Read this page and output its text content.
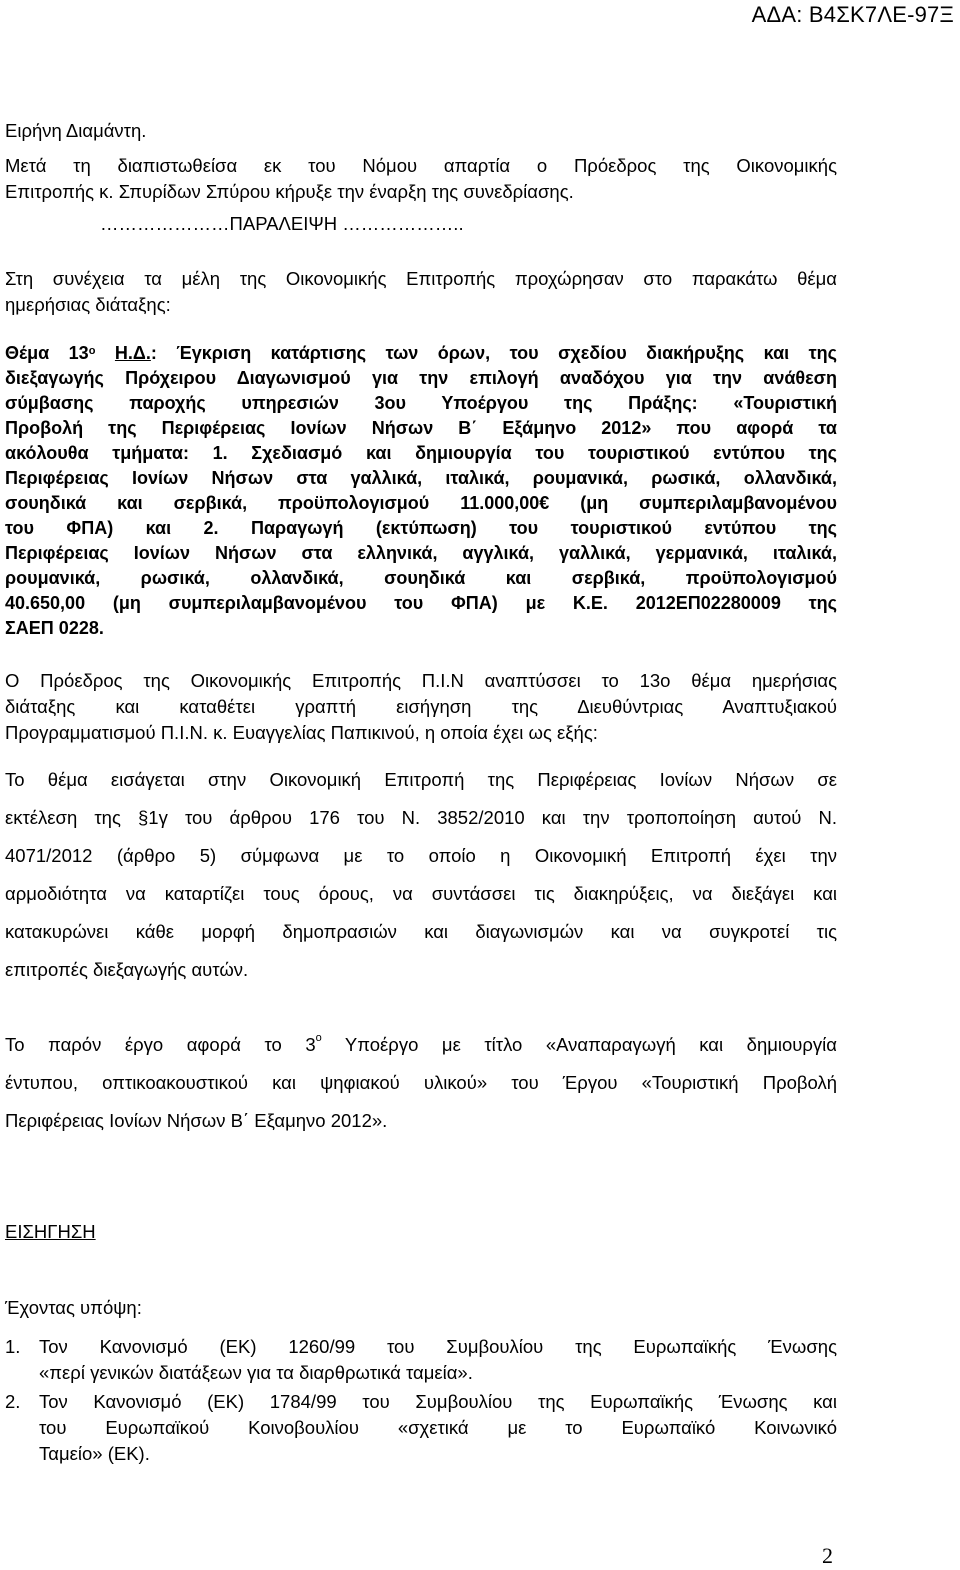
ΑΔΑ: Β4ΣΚ7ΛΕ-97Ξ
Ειρήνη Διαμάντη.
Μετά τη διαπιστωθείσα εκ του Νόμου απαρτία ο Πρόεδρος της Οικονομικής
Επιτροπής κ. Σπυρίδων Σπύρου κήρυξε την έναρξη της συνεδρίασης.
…………………ΠΑΡΑΛΕΙΨΗ ………………..
Στη συνέχεια τα μέλη της Οικονομικής Επιτροπής προχώρησαν στο παρακάτω θέμα
ημερήσιας διάταξης:
Θέμα $13^o$ Η.Δ.: Έγκριση κατάρτισης των όρων, του σχεδίου διακήρυξης και της
διεξαγωγής Πρόχειρου Διαγωνισμού για την επιλογή αναδόχου για την ανάθεση
σύμβασης παροχής υπηρεσιών 3ου Υποέργου της Πράξης: «Τουριστική
Προβολή της Περιφέρειας Ιονίων Νήσων Β΄ Εξάμηνο 2012» που αφορά τα
ακόλουθα τμήματα: 1. Σχεδιασμό και δημιουργία του τουριστικού εντύπου της
Περιφέρειας Ιονίων Νήσων στα γαλλικά, ιταλικά, ρουμανικά, ρωσικά, ολλανδικά,
σουηδικά και σερβικά, προϋπολογισμού 11.000,00€ (μη συμπεριλαμβανομένου
του ΦΠΑ) και 2. Παραγωγή (εκτύπωση) του τουριστικού εντύπου της
Περιφέρειας Ιονίων Νήσων στα ελληνικά, αγγλικά, γαλλικά, γερμανικά, ιταλικά,
ρουμανικά, ρωσικά, ολλανδικά, σουηδικά και σερβικά, προϋπολογισμού
40.650,00 (μη συμπεριλαμβανομένου του ΦΠΑ) με Κ.Ε. 2012ΕΠ02280009 της
ΣΑΕΠ 0228.
Ο Πρόεδρος της Οικονομικής Επιτροπής Π.Ι.Ν αναπτύσσει το 13ο θέμα ημερήσιας
διάταξης και καταθέτει γραπτή εισήγηση της Διευθύντριας Αναπτυξιακού
Προγραμματισμού Π.Ι.Ν. κ. Ευαγγελίας Παπικινού, η οποία έχει ως εξής:
Το θέμα εισάγεται στην Οικονομική Επιτροπή της Περιφέρειας Ιονίων Νήσων σε
εκτέλεση της §1γ του άρθρου 176 του Ν. 3852/2010 και την τροποποίηση αυτού Ν.
4071/2012 (άρθρο 5) σύμφωνα με το οποίο η Οικονομική Επιτροπή έχει την
αρμοδιότητα να καταρτίζει τους όρους, να συντάσσει τις διακηρύξεις, να διεξάγει και
κατακυρώνει κάθε μορφή δημοπρασιών και διαγωνισμών και να συγκροτεί τις
επιτροπές διεξαγωγής αυτών.
Το παρόν έργο αφορά το $3^o$ Υποέργο με τίτλο «Αναπαραγωγή και δημιουργία
έντυπου, οπτικοακουστικού και ψηφιακού υλικού» του Έργου «Τουριστική Προβολή
Περιφέρειας Ιονίων Νήσων Β΄ Εξαμηνο 2012».
ΕΙΣΗΓΗΣΗ
Έχοντας υπόψη:
1. Τον Κανονισμό (ΕΚ) 1260/99 του Συμβουλίου της Ευρωπαϊκής Ένωσης
«περί γενικών διατάξεων για τα διαρθρωτικά ταμεία».
2. Τον Κανονισμό (ΕΚ) 1784/99 του Συμβουλίου της Ευρωπαϊκής Ένωσης και
του Ευρωπαϊκού Κοινοβουλίου «σχετικά με το Ευρωπαϊκό Κοινωνικό
Ταμείο» (ΕΚ).
2
